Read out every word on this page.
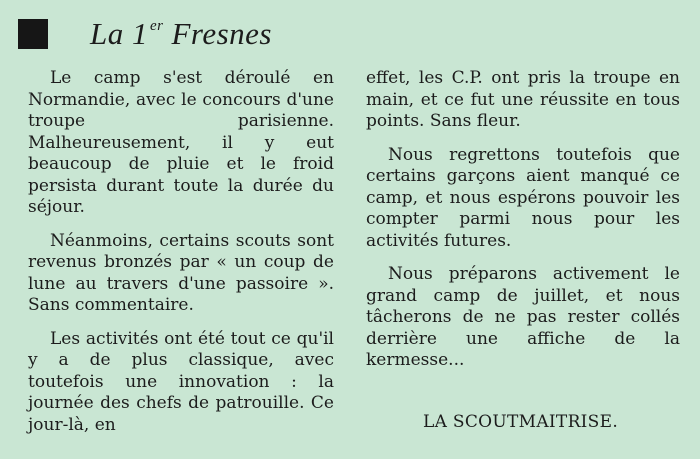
La 1 $^{er}$ Fresnes

Le camp s'est déroulé en Normandie, avec le concours d'une troupe parisienne. Malheureusement, il y eut beaucoup de pluie et le froid persista durant toute la durée du séjour.

Néanmoins, certains scouts sont revenus bronzés par « un coup de lune au travers d'une passoire ». Sans commentaire.

Les activités ont été tout ce qu'il y a de plus classique, avec toutefois une innovation : la journée des chefs de patrouille. Ce jour-là, en

effet, les C.P. ont pris la troupe en main, et ce fut une réussite en tous points. Sans fleur.

Nous regrettons toutefois que certains garçons aient manqué ce camp, et nous espérons pouvoir les compter parmi nous pour les activités futures.

Nous préparons activement le grand camp de juillet, et nous tâcherons de ne pas rester collés derrière une affiche de la kermesse...

LA SCOUTMAITRISE.
